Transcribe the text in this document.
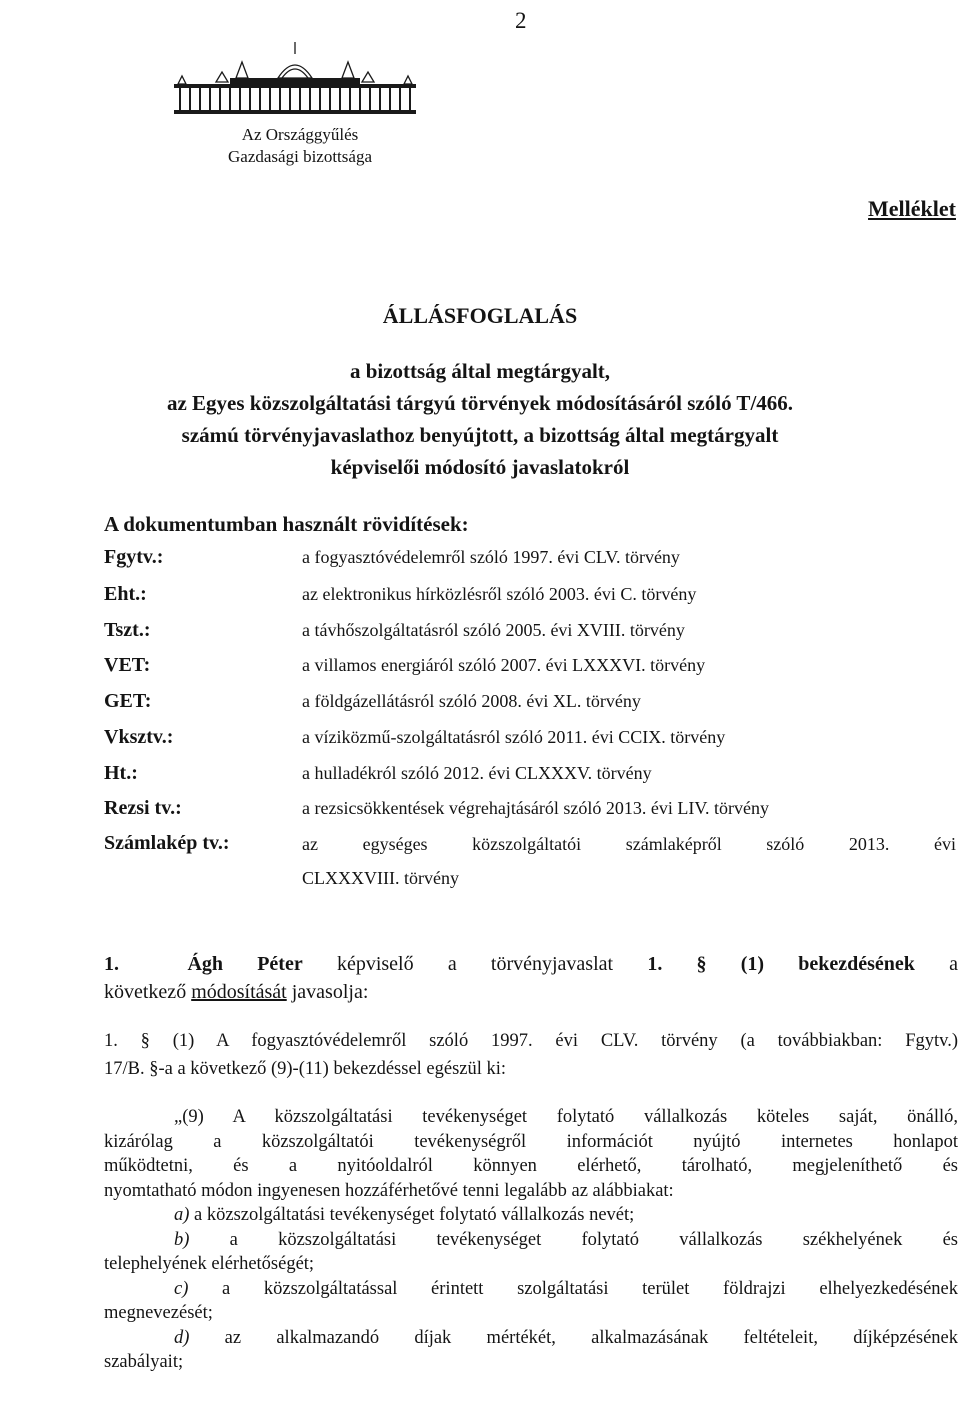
2
Az Országgyűlés
Gazdasági bizottsága
Melléklet
ÁLLÁSFOGLALÁS
a bizottság által megtárgyalt,
az Egyes közszolgáltatási tárgyú törvények módosításáról szóló T/466.
számú törvényjavaslathoz benyújtott, a bizottság által megtárgyalt
képviselői módosító javaslatokról
A dokumentumban használt rövidítések:
Fgytv.:	a fogyasztóvédelemről szóló 1997. évi CLV. törvény
Eht.:	az elektronikus hírközlésről szóló 2003. évi C. törvény
Tszt.:	a távhőszolgáltatásról szóló 2005. évi XVIII. törvény
VET:	a villamos energiáról szóló 2007. évi LXXXVI. törvény
GET:	a földgázellátásról szóló 2008. évi XL. törvény
Vksztv.:	a víziközmű-szolgáltatásról szóló 2011. évi CCIX. törvény
Ht.:	a hulladékról szóló 2012. évi CLXXXV. törvény
Rezsi tv.:	a rezsicsökkentések végrehajtásáról szóló 2013. évi LIV. törvény
Számlakép tv.:	az egységes közszolgáltatói számlaképről szóló 2013. évi
CLXXXVIII. törvény
1.	Ágh Péter képviselő a törvényjavaslat 1. § (1) bekezdésének a
következő módosítását javasolja:
1. § (1) A fogyasztóvédelemről szóló 1997. évi CLV. törvény (a továbbiakban: Fgytv.)
17/B. §-a a következő (9)-(11) bekezdéssel egészül ki:
„(9) A közszolgáltatási tevékenységet folytató vállalkozás köteles saját, önálló,
kizárólag a közszolgáltatói tevékenységről információt nyújtó internetes honlapot
működtetni, és a nyitóoldalról könnyen elérhető, tárolható, megjeleníthető és
nyomtatható módon ingyenesen hozzáférhetővé tenni legalább az alábbiakat:
a) a közszolgáltatási tevékenységet folytató vállalkozás nevét;
b) a közszolgáltatási tevékenységet folytató vállalkozás székhelyének és
telephelyének elérhetőségét;
c) a közszolgáltatással érintett szolgáltatási terület földrajzi elhelyezkedésének
megnevezését;
d) az alkalmazandó díjak mértékét, alkalmazásának feltételeit, díjképzésének
szabályait;
